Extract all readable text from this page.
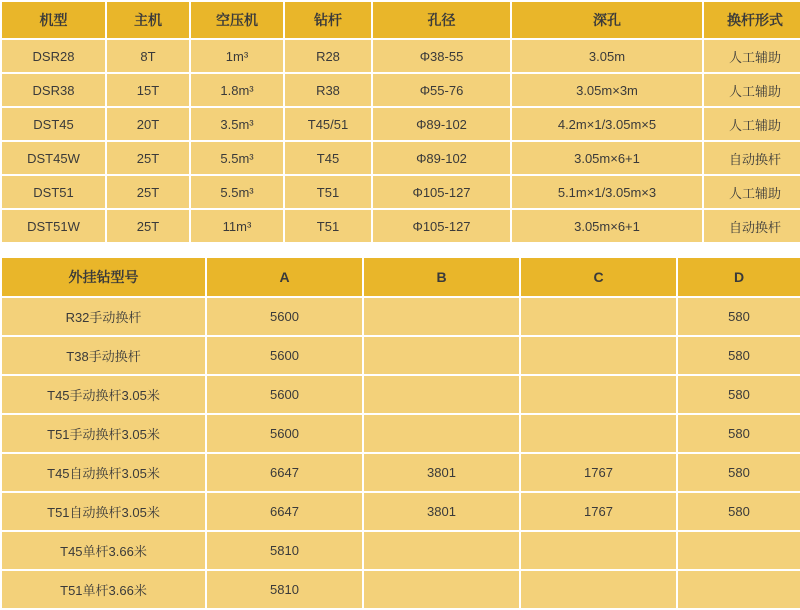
机型	主机	空压机	钻杆	孔径	深孔	换杆形式
DSR28	8T	1m³	R28	Φ38-55	3.05m	人工辅助
DSR38	15T	1.8m³	R38	Φ55-76	3.05m×3m	人工辅助
DST45	20T	3.5m³	T45/51	Φ89-102	4.2m×1/3.05m×5	人工辅助
DST45W	25T	5.5m³	T45	Φ89-102	3.05m×6+1	自动换杆
DST51	25T	5.5m³	T51	Φ105-127	5.1m×1/3.05m×3	人工辅助
DST51W	25T	11m³	T51	Φ105-127	3.05m×6+1	自动换杆
外挂钻型号	A	B	C	D
R32手动换杆	5600			580
T38手动换杆	5600			580
T45手动换杆3.05米	5600			580
T51手动换杆3.05米	5600			580
T45自动换杆3.05米	6647	3801	1767	580
T51自动换杆3.05米	6647	3801	1767	580
T45单杆3.66米	5810			
T51单杆3.66米	5810			
